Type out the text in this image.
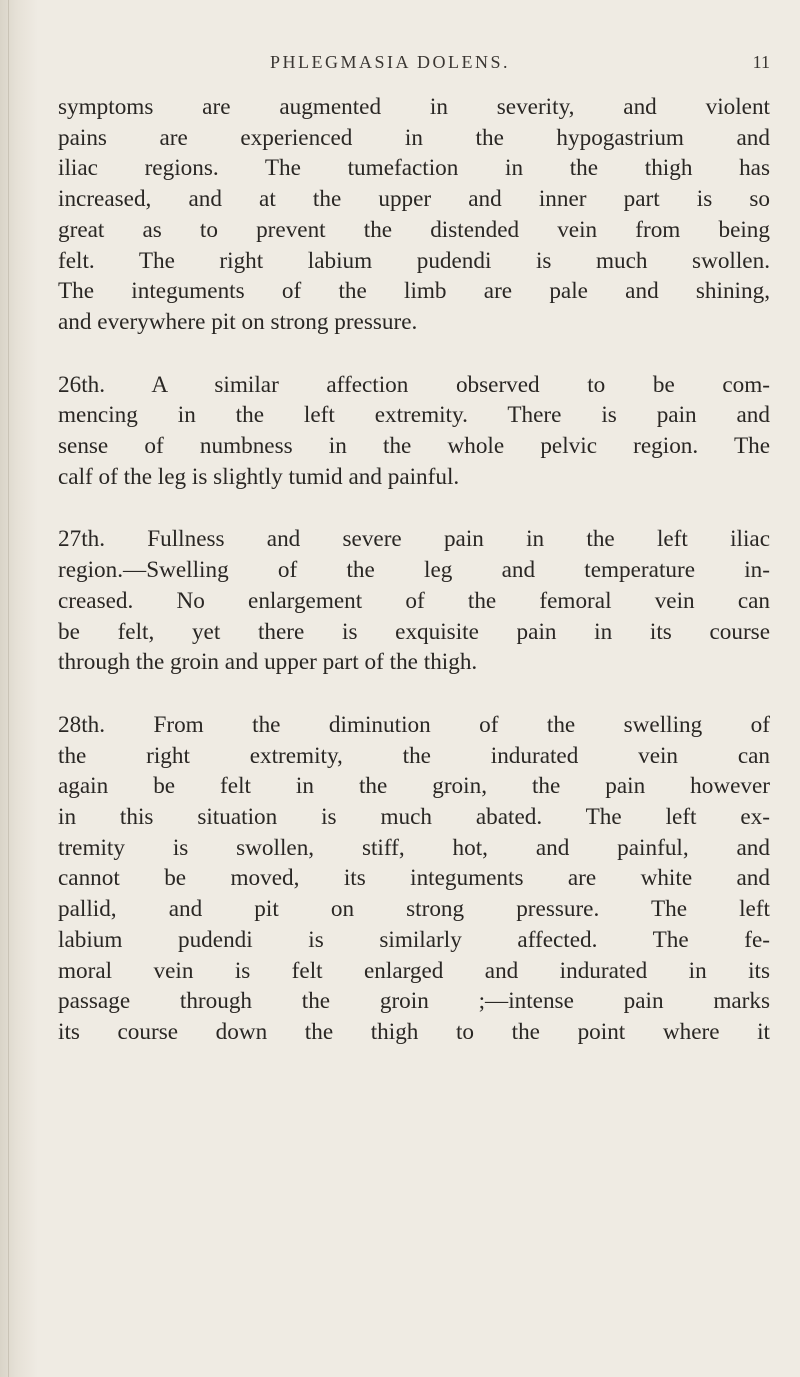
PHLEGMASIA DOLENS.	11

symptoms are augmented in severity, and violent
pains are experienced in the hypogastrium and
iliac regions. The tumefaction in the thigh has
increased, and at the upper and inner part is so
great as to prevent the distended vein from being
felt. The right labium pudendi is much swollen.
The integuments of the limb are pale and shining,
and everywhere pit on strong pressure.

26th. A similar affection observed to be com-
mencing in the left extremity. There is pain and
sense of numbness in the whole pelvic region. The
calf of the leg is slightly tumid and painful.

27th. Fullness and severe pain in the left iliac
region.—Swelling of the leg and temperature in-
creased. No enlargement of the femoral vein can
be felt, yet there is exquisite pain in its course
through the groin and upper part of the thigh.

28th. From the diminution of the swelling of
the right extremity, the indurated vein can
again be felt in the groin, the pain however
in this situation is much abated. The left ex-
tremity is swollen, stiff, hot, and painful, and
cannot be moved, its integuments are white and
pallid, and pit on strong pressure. The left
labium pudendi is similarly affected. The fe-
moral vein is felt enlarged and indurated in its
passage through the groin ;—intense pain marks
its course down the thigh to the point where it
